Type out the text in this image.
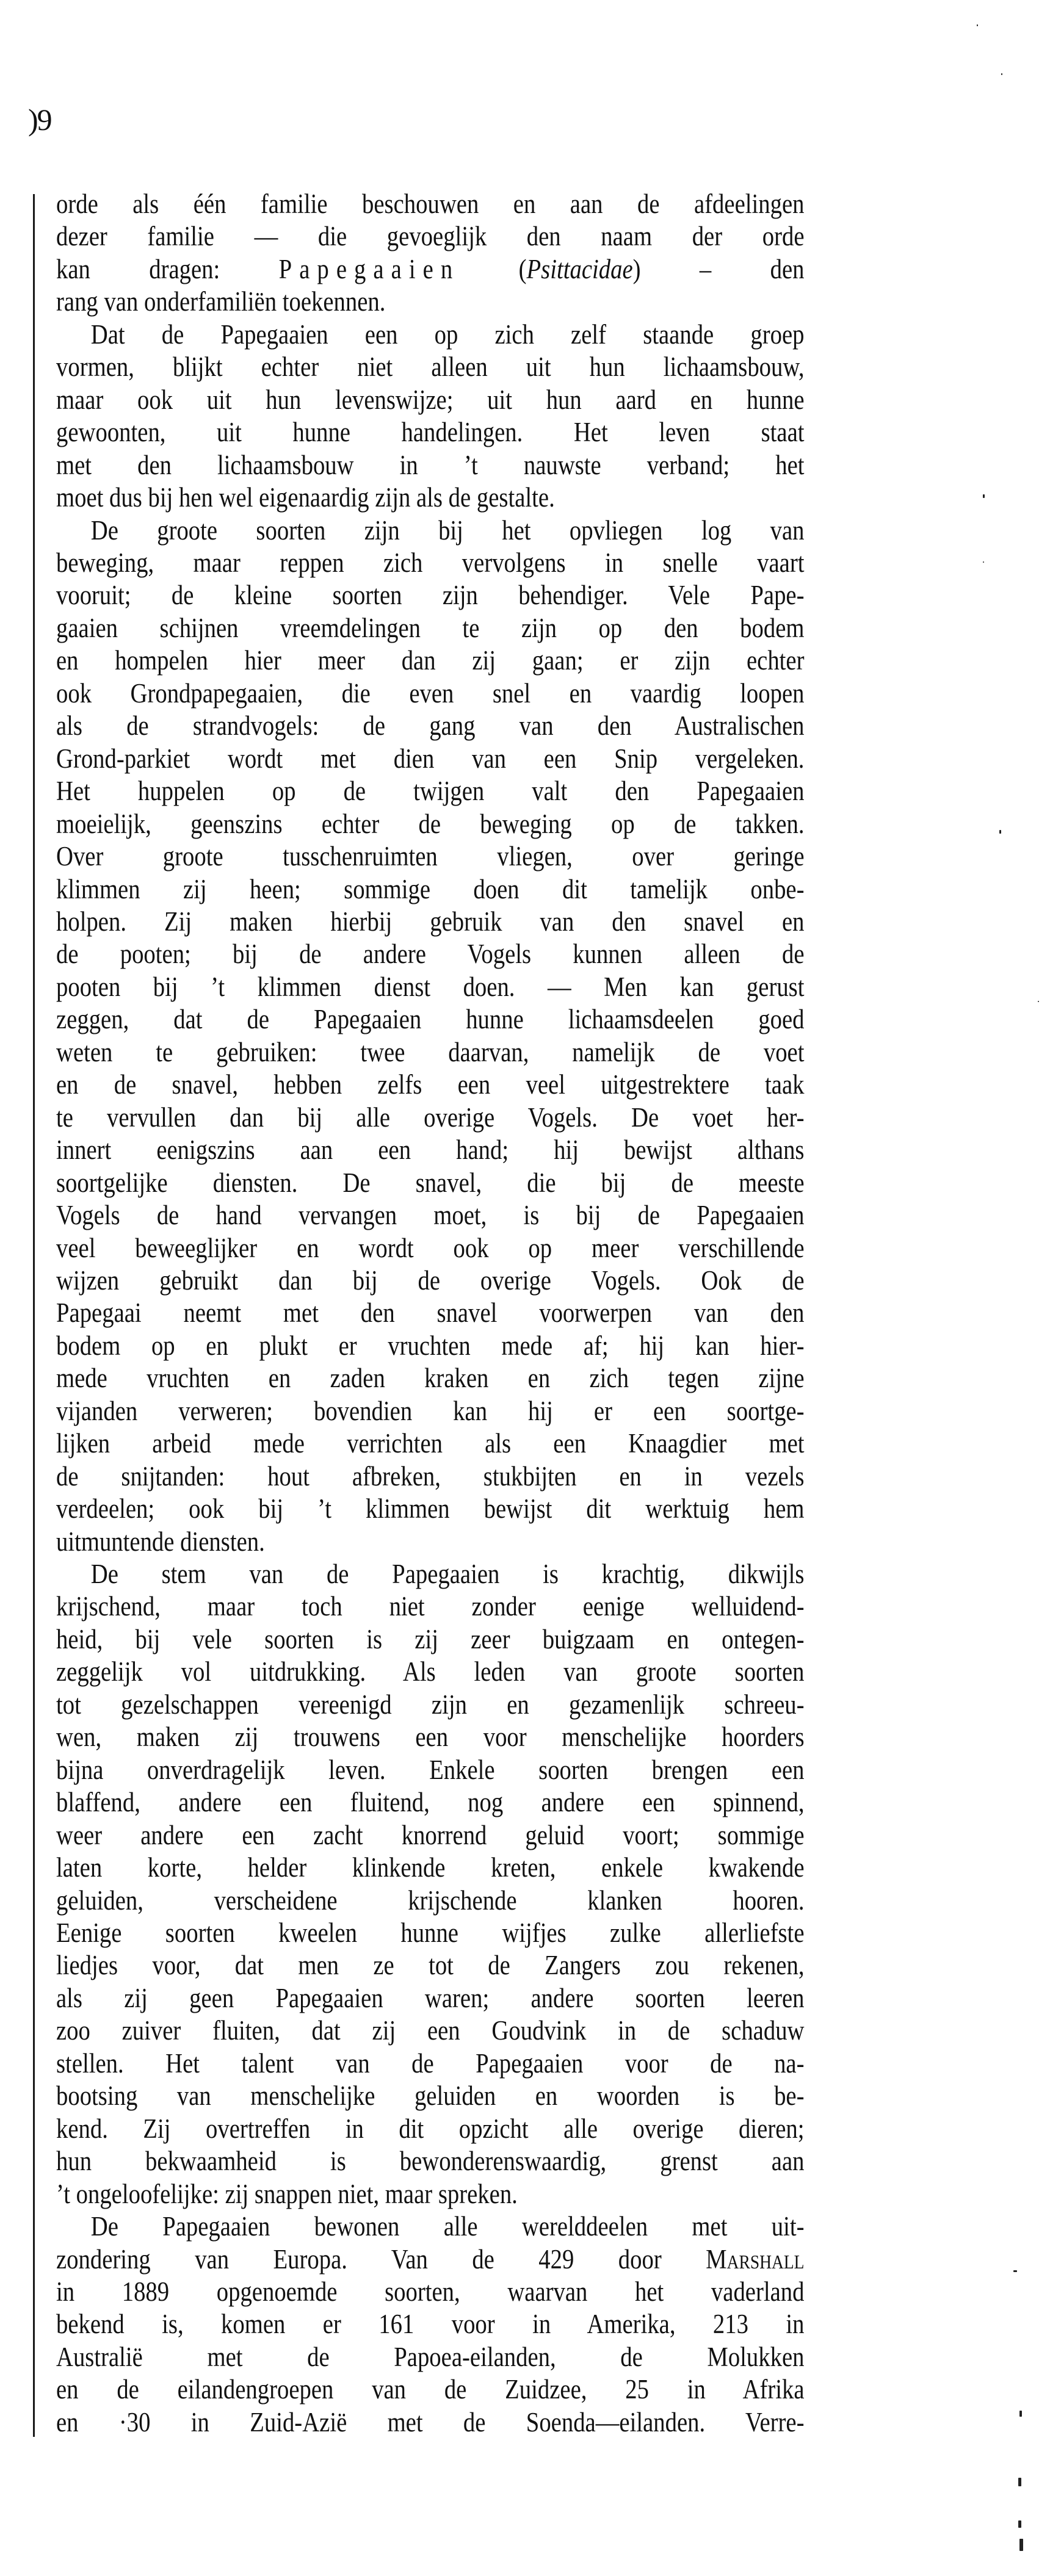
)9
orde als één familie beschouwen en aan de afdeelingen
dezer familie — die gevoeglijk den naam der orde
kan dragen: Papegaaien (Psittacidae) – den
rang van onderfamiliën toekennen.
Dat de Papegaaien een op zich zelf staande groep
vormen, blijkt echter niet alleen uit hun lichaamsbouw,
maar ook uit hun levenswijze; uit hun aard en hunne
gewoonten, uit hunne handelingen. Het leven staat
met den lichaamsbouw in ’t nauwste verband; het
moet dus bij hen wel eigenaardig zijn als de gestalte.
De groote soorten zijn bij het opvliegen log van
beweging, maar reppen zich vervolgens in snelle vaart
vooruit; de kleine soorten zijn behendiger. Vele Pape-
gaaien schijnen vreemdelingen te zijn op den bodem
en hompelen hier meer dan zij gaan; er zijn echter
ook Grondpapegaaien, die even snel en vaardig loopen
als de strandvogels: de gang van den Australischen
Grond-parkiet wordt met dien van een Snip vergeleken.
Het huppelen op de twijgen valt den Papegaaien
moeielijk, geenszins echter de beweging op de takken.
Over groote tusschenruimten vliegen, over geringe
klimmen zij heen; sommige doen dit tamelijk onbe-
holpen. Zij maken hierbij gebruik van den snavel en
de pooten; bij de andere Vogels kunnen alleen de
pooten bij ’t klimmen dienst doen. — Men kan gerust
zeggen, dat de Papegaaien hunne lichaamsdeelen goed
weten te gebruiken: twee daarvan, namelijk de voet
en de snavel, hebben zelfs een veel uitgestrektere taak
te vervullen dan bij alle overige Vogels. De voet her-
innert eenigszins aan een hand; hij bewijst althans
soortgelijke diensten. De snavel, die bij de meeste
Vogels de hand vervangen moet, is bij de Papegaaien
veel beweeglijker en wordt ook op meer verschillende
wijzen gebruikt dan bij de overige Vogels. Ook de
Papegaai neemt met den snavel voorwerpen van den
bodem op en plukt er vruchten mede af; hij kan hier-
mede vruchten en zaden kraken en zich tegen zijne
vijanden verweren; bovendien kan hij er een soortge-
lijken arbeid mede verrichten als een Knaagdier met
de snijtanden: hout afbreken, stukbijten en in vezels
verdeelen; ook bij ’t klimmen bewijst dit werktuig hem
uitmuntende diensten.
De stem van de Papegaaien is krachtig, dikwijls
krijschend, maar toch niet zonder eenige welluidend-
heid, bij vele soorten is zij zeer buigzaam en ontegen-
zeggelijk vol uitdrukking. Als leden van groote soorten
tot gezelschappen vereenigd zijn en gezamenlijk schreeu-
wen, maken zij trouwens een voor menschelijke hoorders
bijna onverdragelijk leven. Enkele soorten brengen een
blaffend, andere een fluitend, nog andere een spinnend,
weer andere een zacht knorrend geluid voort; sommige
laten korte, helder klinkende kreten, enkele kwakende
geluiden, verscheidene krijschende klanken hooren.
Eenige soorten kweelen hunne wijfjes zulke allerliefste
liedjes voor, dat men ze tot de Zangers zou rekenen,
als zij geen Papegaaien waren; andere soorten leeren
zoo zuiver fluiten, dat zij een Goudvink in de schaduw
stellen. Het talent van de Papegaaien voor de na-
bootsing van menschelijke geluiden en woorden is be-
kend. Zij overtreffen in dit opzicht alle overige dieren;
hun bekwaamheid is bewonderenswaardig, grenst aan
’t ongeloofelijke: zij snappen niet, maar spreken.
De Papegaaien bewonen alle werelddeelen met uit-
zondering van Europa. Van de 429 door Marshall
in 1889 opgenoemde soorten, waarvan het vaderland
bekend is, komen er 161 voor in Amerika, 213 in
Australië met de Papoea-eilanden, de Molukken
en de eilandengroepen van de Zuidzee, 25 in Afrika
en ·30 in Zuid-Azië met de Soenda—eilanden. Verre-
